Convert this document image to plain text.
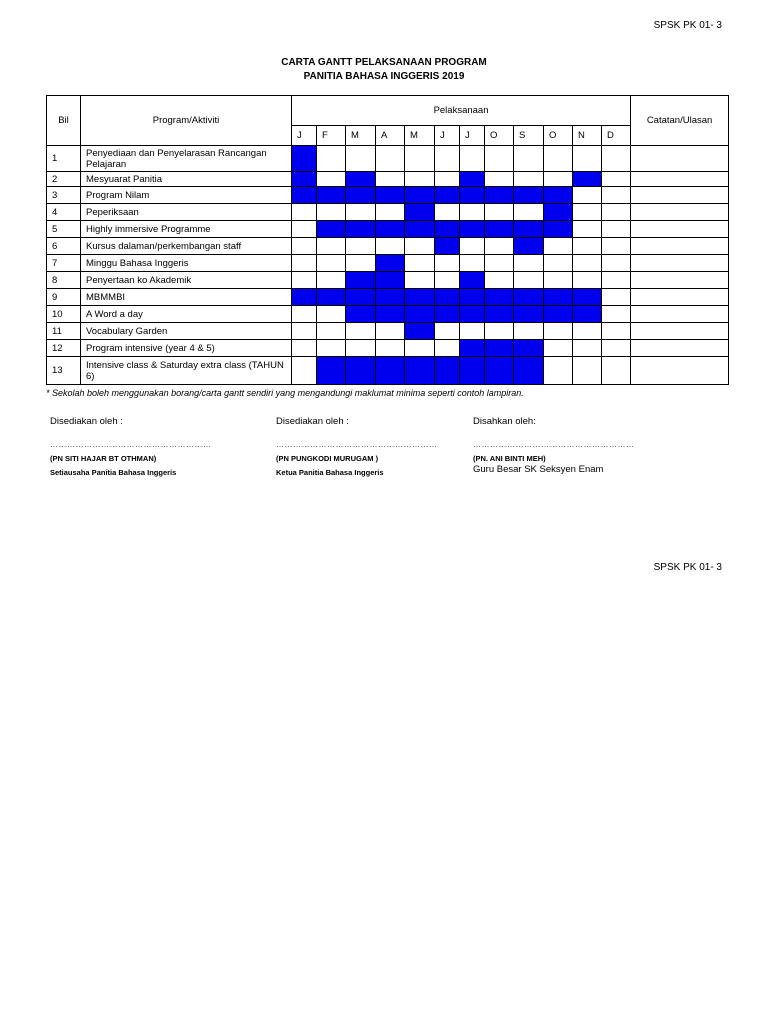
SPSK PK 01- 3
CARTA GANTT PELAKSANAAN PROGRAM
PANITIA BAHASA INGGERIS 2019
Bil	Program/Aktiviti	Pelaksanaan												Catatan/Ulasan
		J	F	M	A	M	J	J	O	S	O	N	D	
1	Penyediaan dan Penyelarasan Rancangan Pelajaran													
2	Mesyuarat Panitia													
3	Program Nilam													
4	Peperiksaan													
5	Highly immersive Programme													
6	Kursus dalaman/perkembangan staff													
7	Minggu Bahasa Inggeris													
8	Penyertaan ko Akademik													
9	MBMMBI													
10	A Word a day													
11	Vocabulary Garden													
12	Program intensive (year 4 & 5)													
13	Intensive class & Saturday extra class (TAHUN 6)													
* Sekolah boleh menggunakan borang/carta gantt sendiri yang mengandungi maklumat minima seperti contoh lampiran.
Disediakan oleh :
…………………………………………………
(PN SITI HAJAR BT OTHMAN)
Setiausaha Panitia Bahasa Inggeris
Disediakan oleh :
…………………………………………………
(PN PUNGKODI MURUGAM )
Ketua Panitia Bahasa Inggeris
Disahkan oleh:
…………………………………………………
(PN. ANI BINTI MEH)
Guru Besar SK Seksyen Enam
SPSK PK 01- 3
